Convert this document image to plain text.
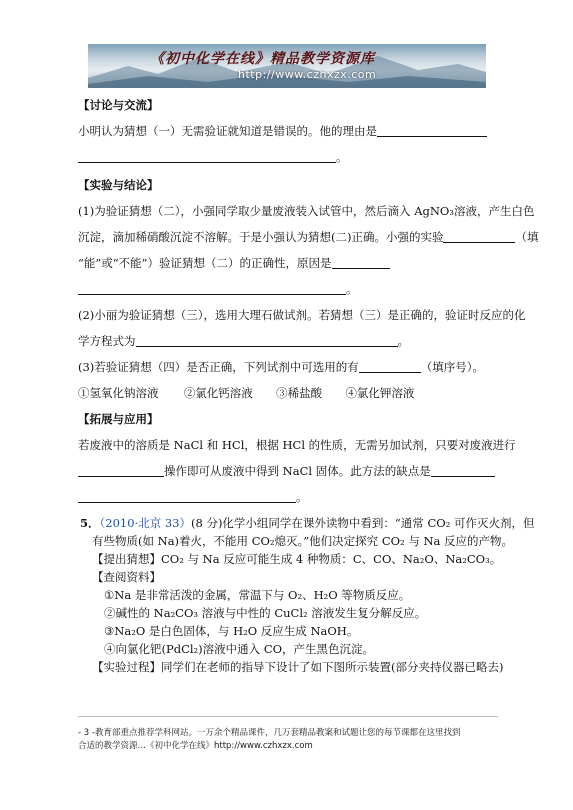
《初中化学在线》精品教学资源库
http://www.czhxzx.com
【讨论与交流】
小明认为猜想（一）无需验证就知道是错误的。他的理由是
。
【实验与结论】
(1)为验证猜想（二），小强同学取少量废液装入试管中，然后滴入 AgNO₃溶液，产生白色
沉淀，滴加稀硝酸沉淀不溶解。于是小强认为猜想(二)正确。小强的实验	（填
“能”或“不能”）验证猜想（二）的正确性，原因是
。
(2)小丽为验证猜想（三），选用大理石做试剂。若猜想（三）是正确的，验证时反应的化
学方程式为	。
(3)若验证猜想（四）是否正确，下列试剂中可选用的有	（填序号）。
①氢氧化钠溶液 ②氯化钙溶液 ③稀盐酸 ④氯化钾溶液
【拓展与应用】
若废液中的溶质是 NaCl 和 HCl，根据 HCl 的性质，无需另加试剂，只要对废液进行
操作即可从废液中得到 NaCl 固体。此方法的缺点是
。
5．（2010·北京 33）(8 分)化学小组同学在课外读物中看到：“通常 CO₂ 可作灭火剂，但
有些物质(如 Na)着火，不能用 CO₂熄灭。”他们决定探究 CO₂ 与 Na 反应的产物。
【提出猜想】CO₂ 与 Na 反应可能生成 4 种物质：C、CO、Na₂O、Na₂CO₃。
【查阅资料】
①Na 是非常活泼的金属，常温下与 O₂、H₂O 等物质反应。
②碱性的 Na₂CO₃ 溶液与中性的 CuCl₂ 溶液发生复分解反应。
③Na₂O 是白色固体，与 H₂O 反应生成 NaOH。
④向氯化钯(PdCl₂)溶液中通入 CO，产生黑色沉淀。
【实验过程】同学们在老师的指导下设计了如下图所示装置(部分夹持仪器已略去)
- 3 -教育部重点推荐学科网站。一万余个精品课件，几万套精品教案和试题让您的每节课都在这里找到
合适的教学资源…《初中化学在线》http://www.czhxzx.com
